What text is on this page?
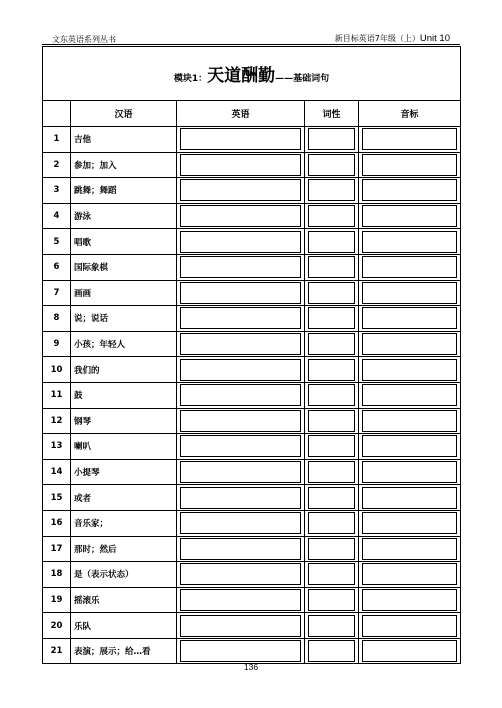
文东英语系列丛书	新目标英语7年级（上）Unit 10
模块1：天道酬勤——基础词句				
	汉语	英语	词性	音标
1	吉他	

2	参加；加入	

3	跳舞；舞蹈	

4	游泳	

5	唱歌	

6	国际象棋	

7	画画	

8	说；说话	

9	小孩；年轻人	

10	我们的	

11	鼓	

12	钢琴	

13	喇叭	

14	小提琴	

15	或者	

16	音乐家；	

17	那时；然后	

18	是（表示状态）	

19	摇滚乐	

20	乐队	

21	表演；展示；给…看	

136
